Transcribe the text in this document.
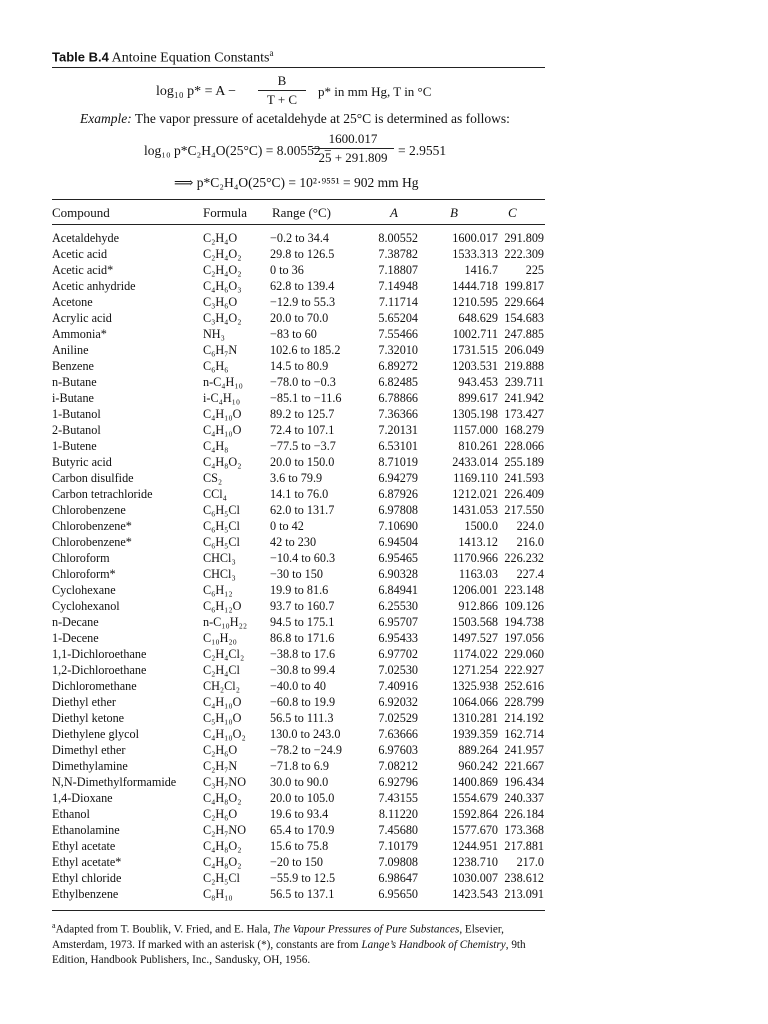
Table B.4 Antoine Equation Constants$^a$
log₁₀ $p* = A - \frac{B}{T + C} p*$ in mm Hg, T in °C
Example: The vapor pressure of acetaldehyde at 25°C is determined as follows:
log₁₀ p*C₂H₄O(25°C) = 8.00552 −
$\frac{1600.017}{25 + 291.809} = 2.9551$
⟹ p*C₂H₄O(25°C) = 10²·⁹⁵⁵¹ = 902 mm Hg
Compound	Formula Range (°C)	A	B	C
Acetaldehyde	C₂H₄O	−0.2 to 34.4	8.00552	1600.017 291.809
Acetic acid	C₂H₄O₂ 29.8 to 126.5	7.38782	1533.313 222.309
Acetic acid*	C₂H₄O₂ 0 to 36	7.18807	1416.7	225
Acetic anhydride	C₄H₆O₃ 62.8 to 139.4	7.14948	1444.718 199.817
Acetone	C₃H₆O	−12.9 to 55.3	7.11714	1210.595 229.664
Acrylic acid	C₃H₄O₂ 20.0 to 70.0	5.65204	648.629 154.683
Ammonia*	NH₃	−83 to 60	7.55466	1002.711 247.885
Aniline	C₆H₇N	102.6 to 185.2	7.32010	1731.515 206.049
Benzene	C₆H₆	14.5 to 80.9	6.89272	1203.531 219.888
n-Butane	n-C₄H₁₀ −78.0 to −0.3	6.82485	943.453 239.711
i-Butane	i-C₄H₁₀ −85.1 to −11.6	6.78866	899.617 241.942
1-Butanol	C₄H₁₀O 89.2 to 125.7	7.36366	1305.198 173.427
2-Butanol	C₄H₁₀O 72.4 to 107.1	7.20131	1157.000 168.279
1-Butene	C₄H₈	−77.5 to −3.7	6.53101	810.261 228.066
Butyric acid	C₄H₈O₂ 20.0 to 150.0	8.71019	2433.014 255.189
Carbon disulfide	CS₂	3.6 to 79.9	6.94279	1169.110 241.593
Carbon tetrachloride	CCl₄	14.1 to 76.0	6.87926	1212.021 226.409
Chlorobenzene	C₆H₅Cl 62.0 to 131.7	6.97808	1431.053 217.550
Chlorobenzene*	C₆H₅Cl 0 to 42	7.10690	1500.0	224.0
Chlorobenzene*	C₆H₅Cl 42 to 230	6.94504	1413.12	216.0
Chloroform	CHCl₃	−10.4 to 60.3	6.95465	1170.966 226.232
Chloroform*	CHCl₃	−30 to 150	6.90328	1163.03	227.4
Cyclohexane	C₆H₁₂	19.9 to 81.6	6.84941	1206.001 223.148
Cyclohexanol	C₆H₁₂O 93.7 to 160.7	6.25530	912.866 109.126
n-Decane	n-C₁₀H₂₂ 94.5 to 175.1	6.95707	1503.568 194.738
1-Decene	C₁₀H₂₀	86.8 to 171.6	6.95433	1497.527 197.056
1,1-Dichloroethane	C₂H₄Cl₂ −38.8 to 17.6	6.97702	1174.022 229.060
1,2-Dichloroethane	C₂H₄Cl −30.8 to 99.4	7.02530	1271.254 222.927
Dichloromethane	CH₂Cl₂ −40.0 to 40	7.40916	1325.938 252.616
Diethyl ether	C₄H₁₀O −60.8 to 19.9	6.92032	1064.066 228.799
Diethyl ketone	C₅H₁₀O 56.5 to 111.3	7.02529	1310.281 214.192
Diethylene glycol	C₄H₁₀O₂ 130.0 to 243.0	7.63666	1939.359 162.714
Dimethyl ether	C₂H₆O	−78.2 to −24.9	6.97603	889.264 241.957
Dimethylamine	C₂H₇N	−71.8 to 6.9	7.08212	960.242 221.667
N,N-Dimethylformamide C₃H₇NO 30.0 to 90.0	6.92796	1400.869 196.434
1,4-Dioxane	C₄H₈O₂ 20.0 to 105.0	7.43155	1554.679 240.337
Ethanol	C₂H₆O	19.6 to 93.4	8.11220	1592.864 226.184
Ethanolamine	C₂H₇NO 65.4 to 170.9	7.45680	1577.670 173.368
Ethyl acetate	C₄H₈O₂ 15.6 to 75.8	7.10179	1244.951 217.881
Ethyl acetate*	C₄H₈O₂ −20 to 150	7.09808	1238.710	217.0
Ethyl chloride	C₂H₅Cl −55.9 to 12.5	6.98647	1030.007 238.612
Ethylbenzene	C₈H₁₀	56.5 to 137.1	6.95650	1423.543 213.091
$^a$Adapted from T. Boublik, V. Fried, and E. Hala, The Vapour Pressures of Pure Substances, Elsevier, Amsterdam, 1973. If marked with an asterisk (*), constants are from Lange’s Handbook of Chemistry, 9th Edition, Handbook Publishers, Inc., Sandusky, OH, 1956.
